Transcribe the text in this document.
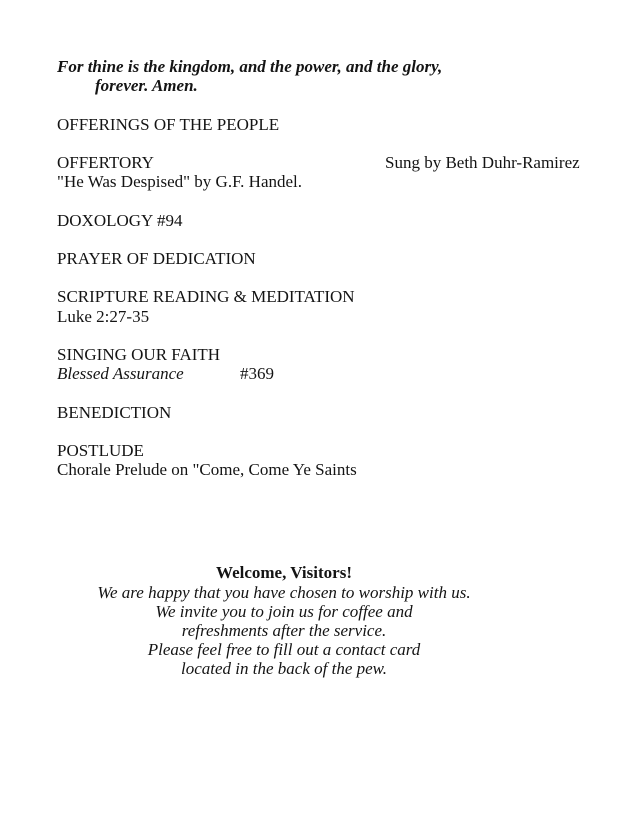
For thine is the kingdom, and the power, and the glory,
forever. Amen.
OFFERINGS OF THE PEOPLE
OFFERTORY	Sung by Beth Duhr-Ramirez
"He Was Despised" by G.F. Handel.
DOXOLOGY #94
PRAYER OF DEDICATION
SCRIPTURE READING & MEDITATION
Luke 2:27-35
SINGING OUR FAITH
Blessed Assurance	#369
BENEDICTION
POSTLUDE
Chorale Prelude on "Come, Come Ye Saints
Welcome, Visitors!
We are happy that you have chosen to worship with us.
We invite you to join us for coffee and
refreshments after the service.
Please feel free to fill out a contact card
located in the back of the pew.
